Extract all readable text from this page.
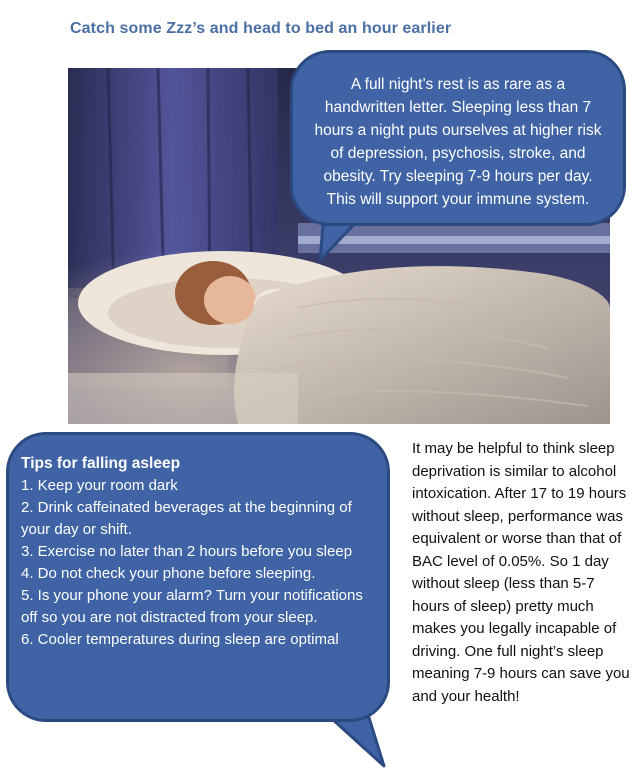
Catch some Zzz’s and head to bed an hour earlier
A full night’s rest is as rare as a handwritten letter. Sleeping less than 7 hours a night puts ourselves at higher risk of depression, psychosis, stroke, and obesity. Try sleeping 7-9 hours per day. This will support your immune system.
Tips for falling asleep
1. Keep your room dark
2. Drink caffeinated beverages at the beginning of your day or shift.
3. Exercise no later than 2 hours before you sleep
4. Do not check your phone before sleeping.
5. Is your phone your alarm? Turn your notifications off so you are not distracted from your sleep.
6. Cooler temperatures during sleep are optimal
It may be helpful to think sleep deprivation is similar to alcohol intoxication. After 17 to 19 hours without sleep, performance was equivalent or worse than that of BAC level of 0.05%. So 1 day without sleep (less than 5-7 hours of sleep) pretty much makes you legally incapable of driving. One full night’s sleep meaning 7-9 hours can save you and your health!
